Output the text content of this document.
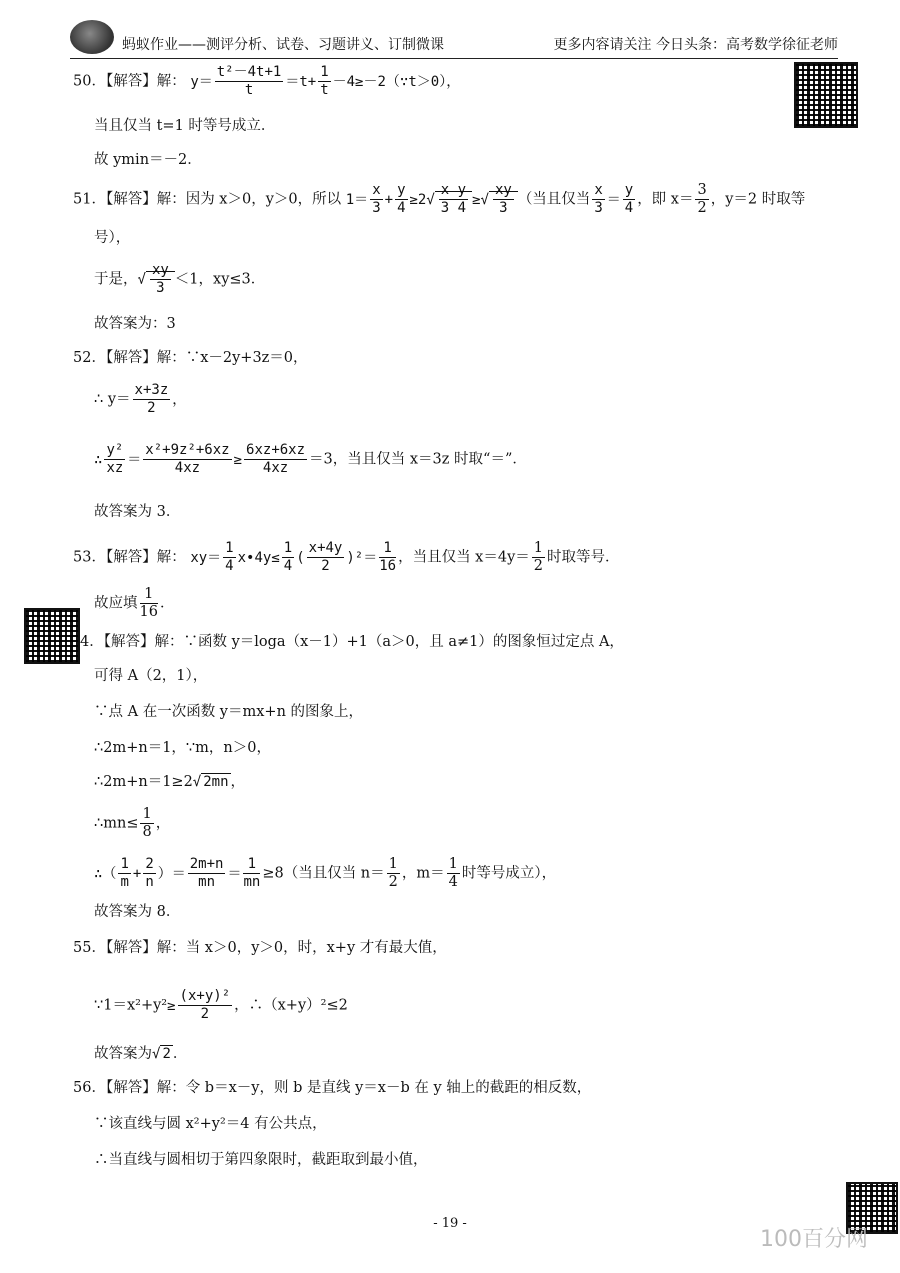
蚂蚁作业——测评分析、试卷、习题讲义、订制微课	更多内容请关注 今日头条：高考数学徐征老师
50．【解答】解： $y= \frac{\text{t²－4t+1}}{t} =t+ \frac{1}{t}$ －4≥－2（∵t＞0），
当且仅当 t=1 时等号成立．
故 ymin＝－2．
51．【解答】解：因为 x＞0，y＞0，所以 $1= \frac{x}{3} + \frac{y}{4} \ge 2√ \frac{\text{x y}}{3 4}$ ≥√ $\frac{xy}{3}$ （当且仅当 $\frac{x}{3} = \frac{y}{4}$ ，即 $x= \frac{3}{2}$ ，y＝2 时取等
号），
于是，√ $\frac{xy}{3} <1$，xy≤3．
故答案为：3
52．【解答】解：∵x－2y+3z＝0，
∴ $y= \frac{x+3z}{2}$ ，
∴ $\frac{\text{y²}}{xz} = \frac{\text{x²+9z²+6xz}}{4xz} \ge \frac{6xz+6xz}{4xz} =3$，当且仅当 x＝3z 时取“＝”．
故答案为 3．
53．【解答】解： $xy= \frac{1}{4}$ x•4y≤ $\frac{1}{4}$ ( $\frac{x+4y}{2} )^2= \frac{1}{16}$ ，当且仅当 $x=4y= \frac{1}{2}$ 时取等号．
故应填 $\frac{1}{16}$ ．
4．【解答】解：∵函数 y＝loga（x－1）+1（a＞0，且 a≠1）的图象恒过定点 A，
可得 A（2，1），
∵点 A 在一次函数 y＝mx+n 的图象上，
∴2m+n＝1，∵m，n＞0，
∴2m+n＝1≥2√ 2mn ，
∴mn≤ $\frac{1}{8}$ ，
∴（ $\frac{1}{m} + \frac{2}{n}$ ）＝ $\frac{2m+n}{mn} = \frac{1}{mn} \ge 8$（当且仅当 $n= \frac{1}{2}$ ，$m= \frac{1}{4}$ 时等号成立），
故答案为 8．
55．【解答】解：当 x＞0，y＞0，时，x+y 才有最大值，
∵1＝x²+y²≥ $\frac{\text{(x+y)²}}{2}$ ，∴（x+y）²≤2
故答案为√ 2 ．
56．【解答】解：令 b＝x－y，则 b 是直线 y＝x－b 在 y 轴上的截距的相反数，
∵该直线与圆 x²+y²＝4 有公共点，
∴当直线与圆相切于第四象限时，截距取到最小值，
- 19 -
100百分网
